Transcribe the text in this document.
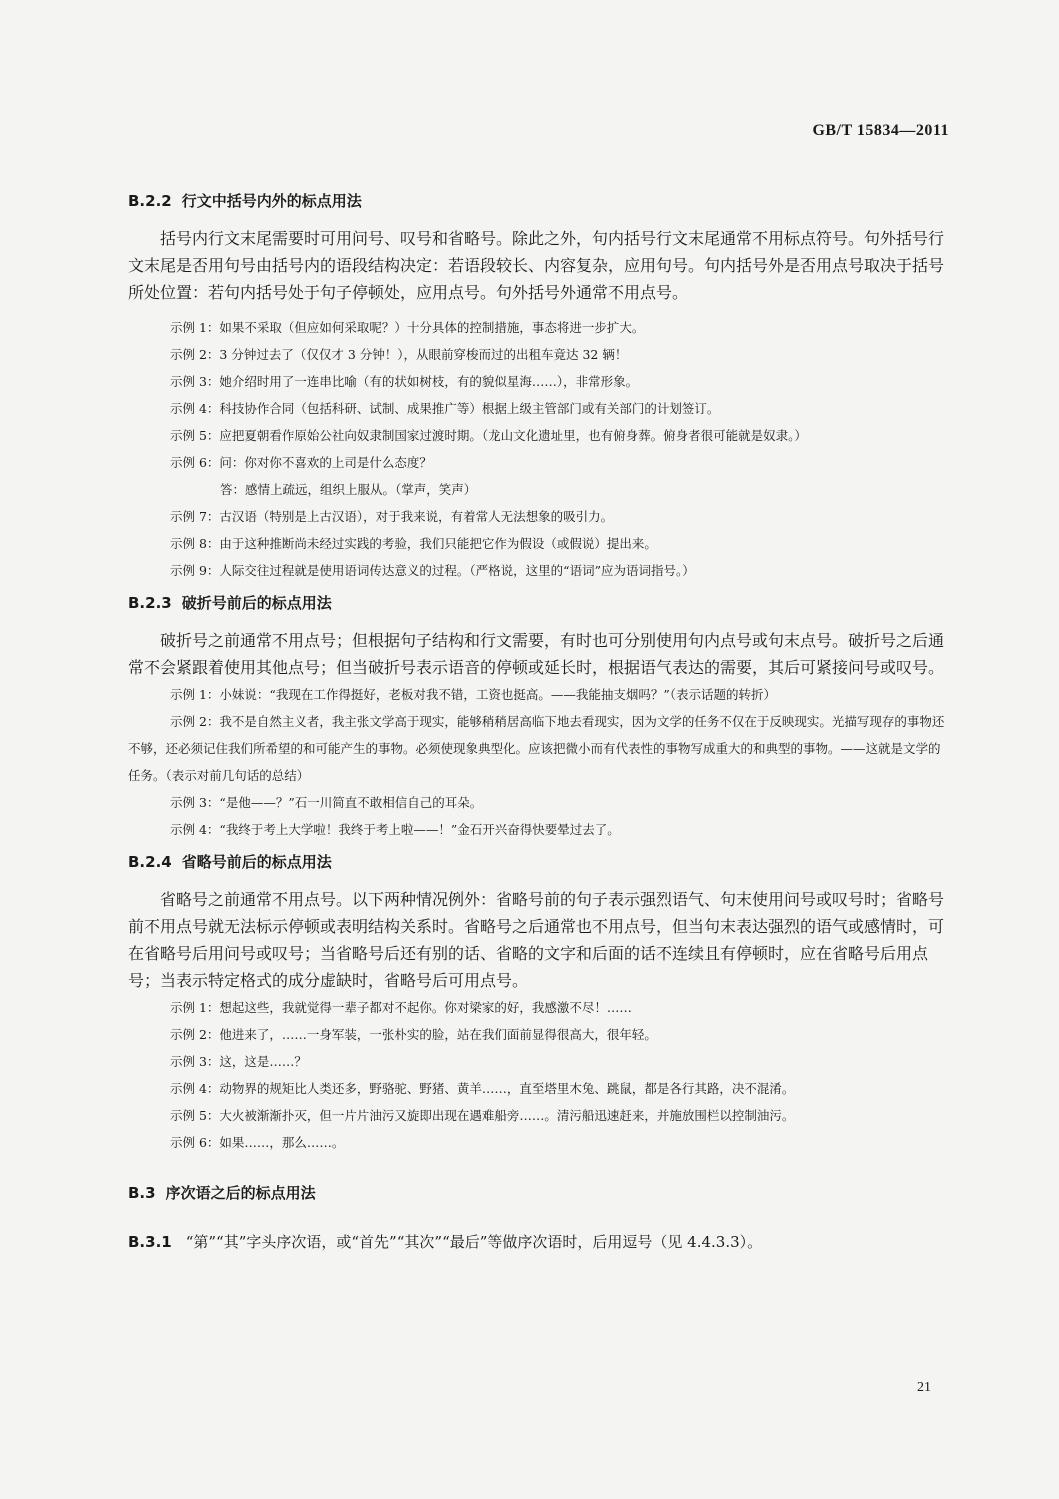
GB/T 15834—2011
B.2.2 行文中括号内外的标点用法

括号内行文末尾需要时可用问号、叹号和省略号。除此之外，句内括号行文末尾通常不用标点符号。句外括号行文末尾是否用句号由括号内的语段结构决定：若语段较长、内容复杂，应用句号。句内括号外是否用点号取决于括号所处位置：若句内括号处于句子停顿处，应用点号。句外括号外通常不用点号。

示例 1：如果不采取（但应如何采取呢？）十分具体的控制措施，事态将进一步扩大。

示例 2：3 分钟过去了（仅仅才 3 分钟！），从眼前穿梭而过的出租车竟达 32 辆！

示例 3：她介绍时用了一连串比喻（有的状如树枝，有的貌似星海……），非常形象。

示例 4：科技协作合同（包括科研、试制、成果推广等）根据上级主管部门或有关部门的计划签订。

示例 5：应把夏朝看作原始公社向奴隶制国家过渡时期。（龙山文化遗址里，也有俯身葬。俯身者很可能就是奴隶。）

示例 6：问：你对你不喜欢的上司是什么态度？

答：感情上疏远，组织上服从。（掌声，笑声）

示例 7：古汉语（特别是上古汉语），对于我来说，有着常人无法想象的吸引力。

示例 8：由于这种推断尚未经过实践的考验，我们只能把它作为假设（或假说）提出来。

示例 9：人际交往过程就是使用语词传达意义的过程。（严格说，这里的“语词”应为语词指号。）

B.2.3 破折号前后的标点用法

破折号之前通常不用点号；但根据句子结构和行文需要，有时也可分别使用句内点号或句末点号。破折号之后通常不会紧跟着使用其他点号；但当破折号表示语音的停顿或延长时，根据语气表达的需要，其后可紧接问号或叹号。

示例 1：小妹说：“我现在工作得挺好，老板对我不错，工资也挺高。——我能抽支烟吗？”（表示话题的转折）

示例 2：我不是自然主义者，我主张文学高于现实，能够稍稍居高临下地去看现实，因为文学的任务不仅在于反映现实。光描写现存的事物还不够，还必须记住我们所希望的和可能产生的事物。必须使现象典型化。应该把微小而有代表性的事物写成重大的和典型的事物。——这就是文学的任务。（表示对前几句话的总结）

示例 3：“是他——？”石一川简直不敢相信自己的耳朵。

示例 4：“我终于考上大学啦！我终于考上啦——！”金石开兴奋得快要晕过去了。

B.2.4 省略号前后的标点用法

省略号之前通常不用点号。以下两种情况例外：省略号前的句子表示强烈语气、句末使用问号或叹号时；省略号前不用点号就无法标示停顿或表明结构关系时。省略号之后通常也不用点号，但当句末表达强烈的语气或感情时，可在省略号后用问号或叹号；当省略号后还有别的话、省略的文字和后面的话不连续且有停顿时，应在省略号后用点号；当表示特定格式的成分虚缺时，省略号后可用点号。

示例 1：想起这些，我就觉得一辈子都对不起你。你对梁家的好，我感激不尽！……

示例 2：他进来了，……一身军装，一张朴实的脸，站在我们面前显得很高大，很年轻。

示例 3：这，这是……？

示例 4：动物界的规矩比人类还多，野骆驼、野猪、黄羊……，直至塔里木兔、跳鼠，都是各行其路，决不混淆。

示例 5：大火被渐渐扑灭，但一片片油污又旋即出现在遇难船旁……。清污船迅速赶来，并施放围栏以控制油污。

示例 6：如果……，那么……。

B.3 序次语之后的标点用法

B.3.1 “第”“其”字头序次语，或“首先”“其次”“最后”等做序次语时，后用逗号（见 4.4.3.3）。

21
